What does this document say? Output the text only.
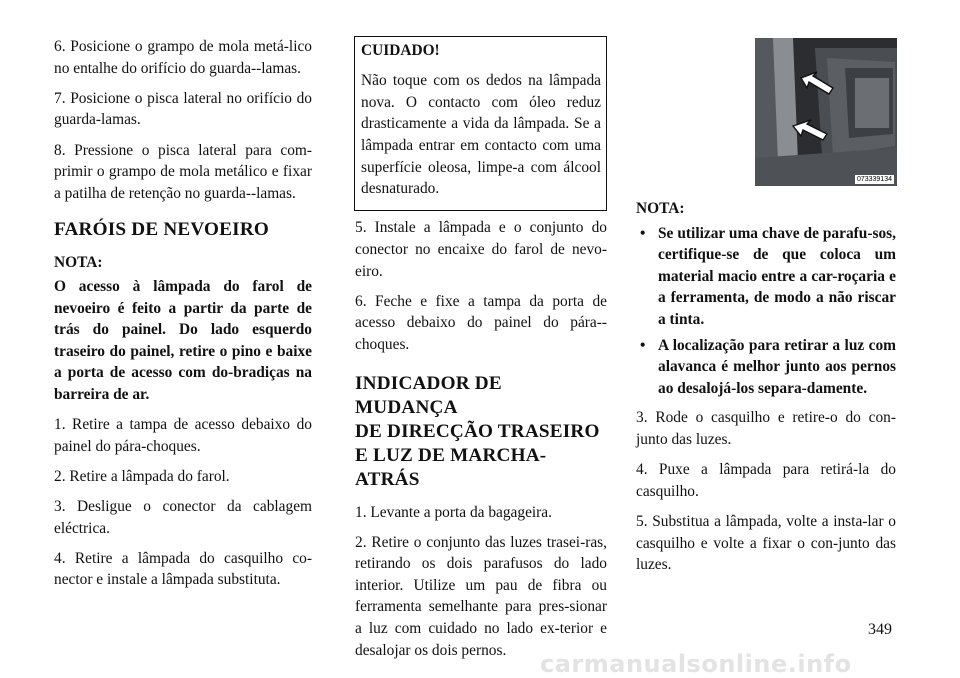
6. Posicione o grampo de mola metá-lico no entalhe do orifício do guarda--lamas.

7. Posicione o pisca lateral no orifício do guarda-lamas.

8. Pressione o pisca lateral para com-primir o grampo de mola metálico e fixar a patilha de retenção no guarda--lamas.

FARÓIS DE NEVOEIRO

NOTA:

O acesso à lâmpada do farol de nevoeiro é feito a partir da parte de trás do painel. Do lado esquerdo traseiro do painel, retire o pino e baixe a porta de acesso com do-bradiças na barreira de ar.

1. Retire a tampa de acesso debaixo do painel do pára-choques.

2. Retire a lâmpada do farol.

3. Desligue o conector da cablagem eléctrica.

4. Retire a lâmpada do casquilho co-nector e instale a lâmpada substituta.

CUIDADO!

Não toque com os dedos na lâmpada nova. O contacto com óleo reduz drasticamente a vida da lâmpada. Se a lâmpada entrar em contacto com uma superfície oleosa, limpe-a com álcool desnaturado.

5. Instale a lâmpada e o conjunto do conector no encaixe do farol de nevo-eiro.

6. Feche e fixe a tampa da porta de acesso debaixo do painel do pára--choques.

INDICADOR DE MUDANÇA
DE DIRECÇÃO TRASEIRO
E LUZ DE MARCHA-ATRÁS

1. Levante a porta da bagageira.

2. Retire o conjunto das luzes trasei-ras, retirando os dois parafusos do lado interior. Utilize um pau de fibra ou ferramenta semelhante para pres-sionar a luz com cuidado no lado ex-terior e desalojar os dois pernos.

073339134

NOTA:

• Se utilizar uma chave de parafu-sos, certifique-se de que coloca um material macio entre a car-roçaria e a ferramenta, de modo a não riscar a tinta.
• A localização para retirar a luz com alavanca é melhor junto aos pernos ao desalojá-los separa-damente.

3. Rode o casquilho e retire-o do con-junto das luzes.

4. Puxe a lâmpada para retirá-la do casquilho.

5. Substitua a lâmpada, volte a insta-lar o casquilho e volte a fixar o con-junto das luzes.

349
carmanualsonline.info
